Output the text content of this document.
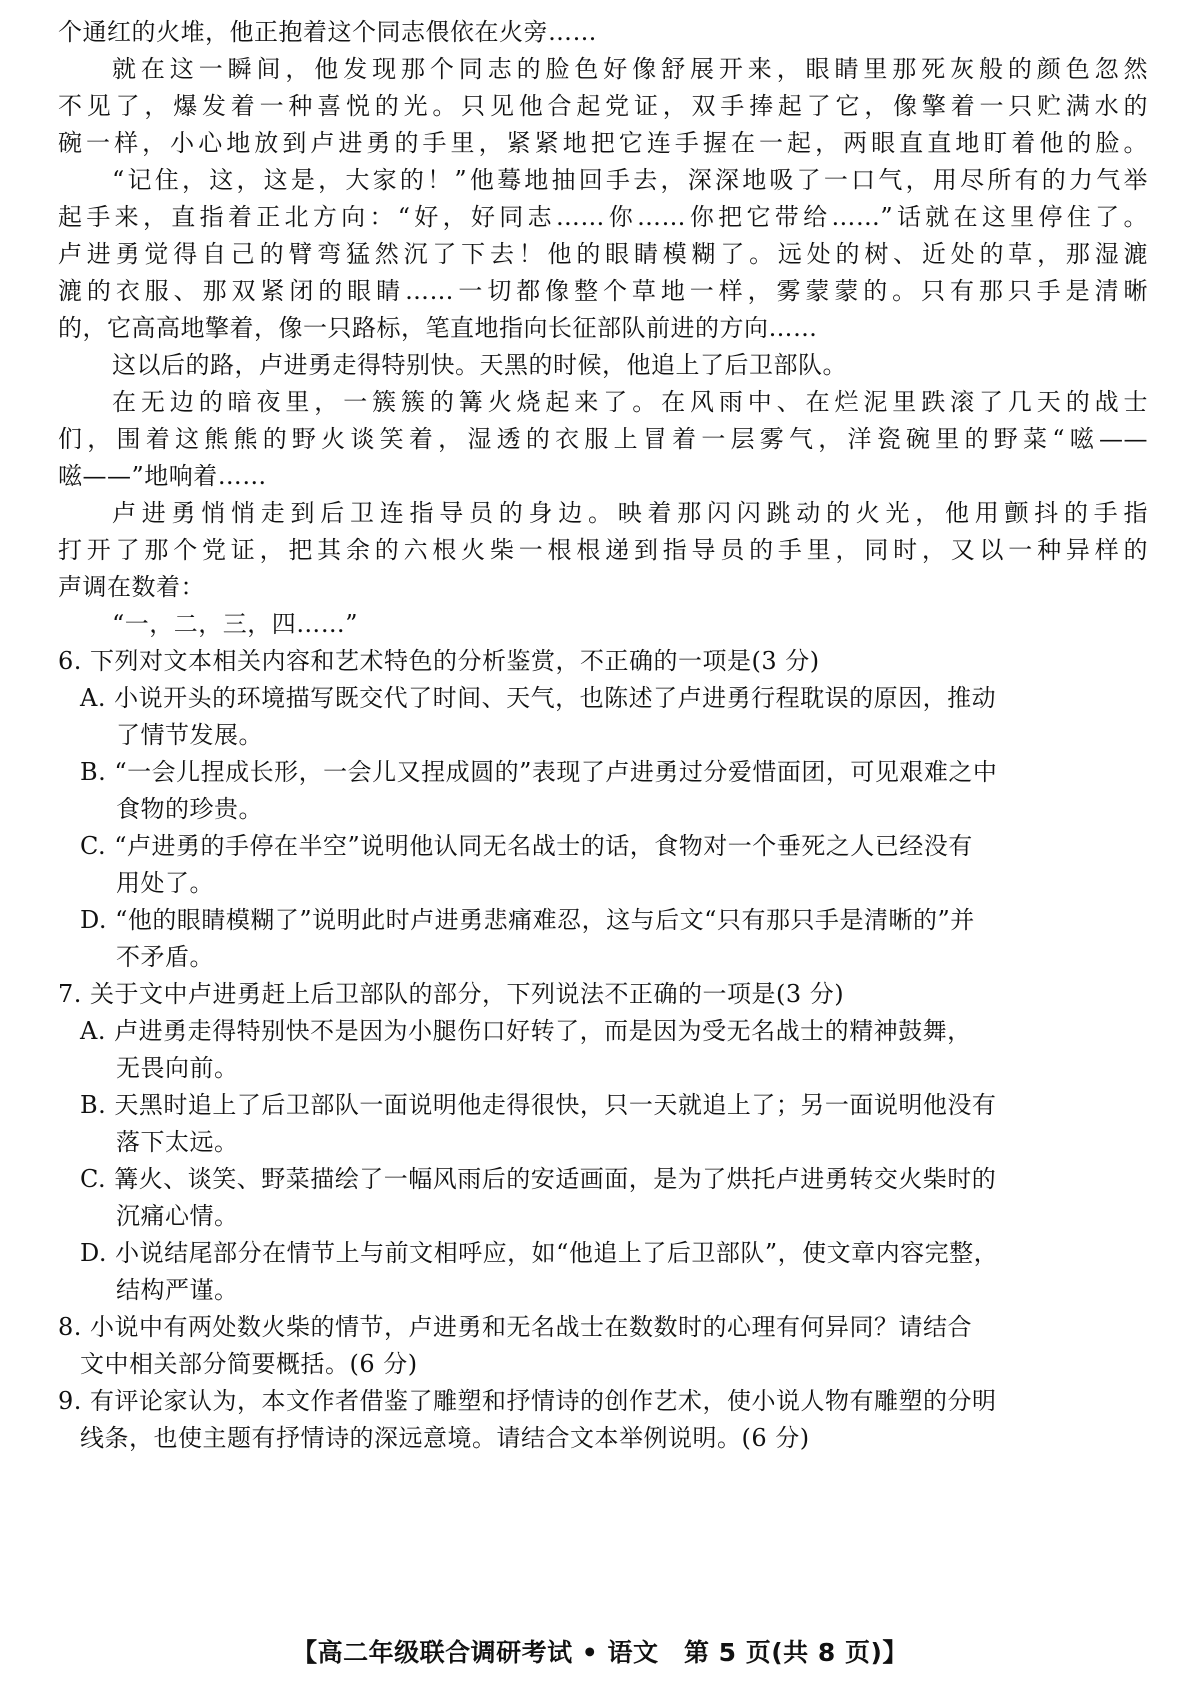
个通红的火堆，他正抱着这个同志偎依在火旁……
就在这一瞬间，他发现那个同志的脸色好像舒展开来，眼睛里那死灰般的颜色忽然
不见了，爆发着一种喜悦的光。只见他合起党证，双手捧起了它，像擎着一只贮满水的
碗一样，小心地放到卢进勇的手里，紧紧地把它连手握在一起，两眼直直地盯着他的脸。
“记住，这，这是，大家的！”他蓦地抽回手去，深深地吸了一口气，用尽所有的力气举
起手来，直指着正北方向：“好，好同志……你……你把它带给……”话就在这里停住了。
卢进勇觉得自己的臂弯猛然沉了下去！他的眼睛模糊了。远处的树、近处的草，那湿漉
漉的衣服、那双紧闭的眼睛……一切都像整个草地一样，雾蒙蒙的。只有那只手是清晰
的，它高高地擎着，像一只路标，笔直地指向长征部队前进的方向……
这以后的路，卢进勇走得特别快。天黑的时候，他追上了后卫部队。
在无边的暗夜里，一簇簇的篝火烧起来了。在风雨中、在烂泥里跌滚了几天的战士
们，围着这熊熊的野火谈笑着，湿透的衣服上冒着一层雾气，洋瓷碗里的野菜“嗞——
嗞——”地响着……
卢进勇悄悄走到后卫连指导员的身边。映着那闪闪跳动的火光，他用颤抖的手指
打开了那个党证，把其余的六根火柴一根根递到指导员的手里，同时，又以一种异样的
声调在数着：
“一，二，三，四……”
6. 下列对文本相关内容和艺术特色的分析鉴赏，不正确的一项是(3 分)
A. 小说开头的环境描写既交代了时间、天气，也陈述了卢进勇行程耽误的原因，推动
了情节发展。
B. “一会儿捏成长形，一会儿又捏成圆的”表现了卢进勇过分爱惜面团，可见艰难之中
食物的珍贵。
C. “卢进勇的手停在半空”说明他认同无名战士的话，食物对一个垂死之人已经没有
用处了。
D. “他的眼睛模糊了”说明此时卢进勇悲痛难忍，这与后文“只有那只手是清晰的”并
不矛盾。
7. 关于文中卢进勇赶上后卫部队的部分，下列说法不正确的一项是(3 分)
A. 卢进勇走得特别快不是因为小腿伤口好转了，而是因为受无名战士的精神鼓舞，
无畏向前。
B. 天黑时追上了后卫部队一面说明他走得很快，只一天就追上了；另一面说明他没有
落下太远。
C. 篝火、谈笑、野菜描绘了一幅风雨后的安适画面，是为了烘托卢进勇转交火柴时的
沉痛心情。
D. 小说结尾部分在情节上与前文相呼应，如“他追上了后卫部队”，使文章内容完整，
结构严谨。
8. 小说中有两处数火柴的情节，卢进勇和无名战士在数数时的心理有何异同？请结合
文中相关部分简要概括。(6 分)
9. 有评论家认为，本文作者借鉴了雕塑和抒情诗的创作艺术，使小说人物有雕塑的分明
线条，也使主题有抒情诗的深远意境。请结合文本举例说明。(6 分)
【高二年级联合调研考试 • 语文　第 5 页(共 8 页)】
